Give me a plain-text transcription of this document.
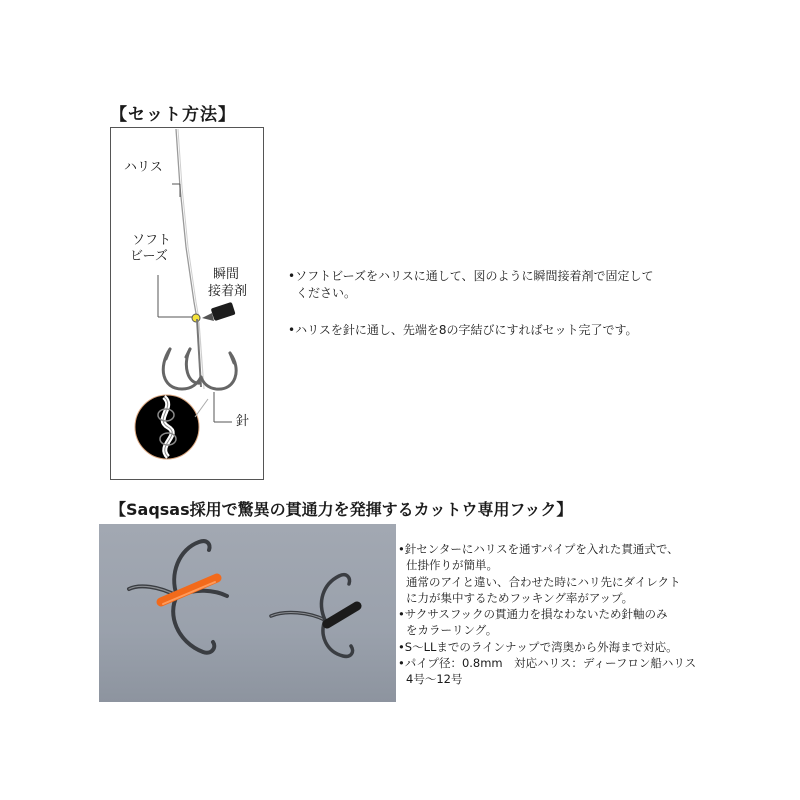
【セット方法】
ハリス
ソフト
ビーズ
瞬間
接着剤
針
•ソフトビーズをハリスに通して、図のように瞬間接着剤で固定して
ください。
•ハリスを針に通し、先端を8の字結びにすればセット完了です。
【Saqsas採用で驚異の貫通力を発揮するカットウ専用フック】
•針センターにハリスを通すパイプを入れた貫通式で、
仕掛作りが簡単。
通常のアイと違い、合わせた時にハリ先にダイレクト
に力が集中するためフッキング率がアップ。
•サクサスフックの貫通力を損なわないため針軸のみ
をカラーリング。
•S～LLまでのラインナップで湾奥から外海まで対応。
•パイプ径：0.8mm　対応ハリス：ディーフロン船ハリス
4号～12号
